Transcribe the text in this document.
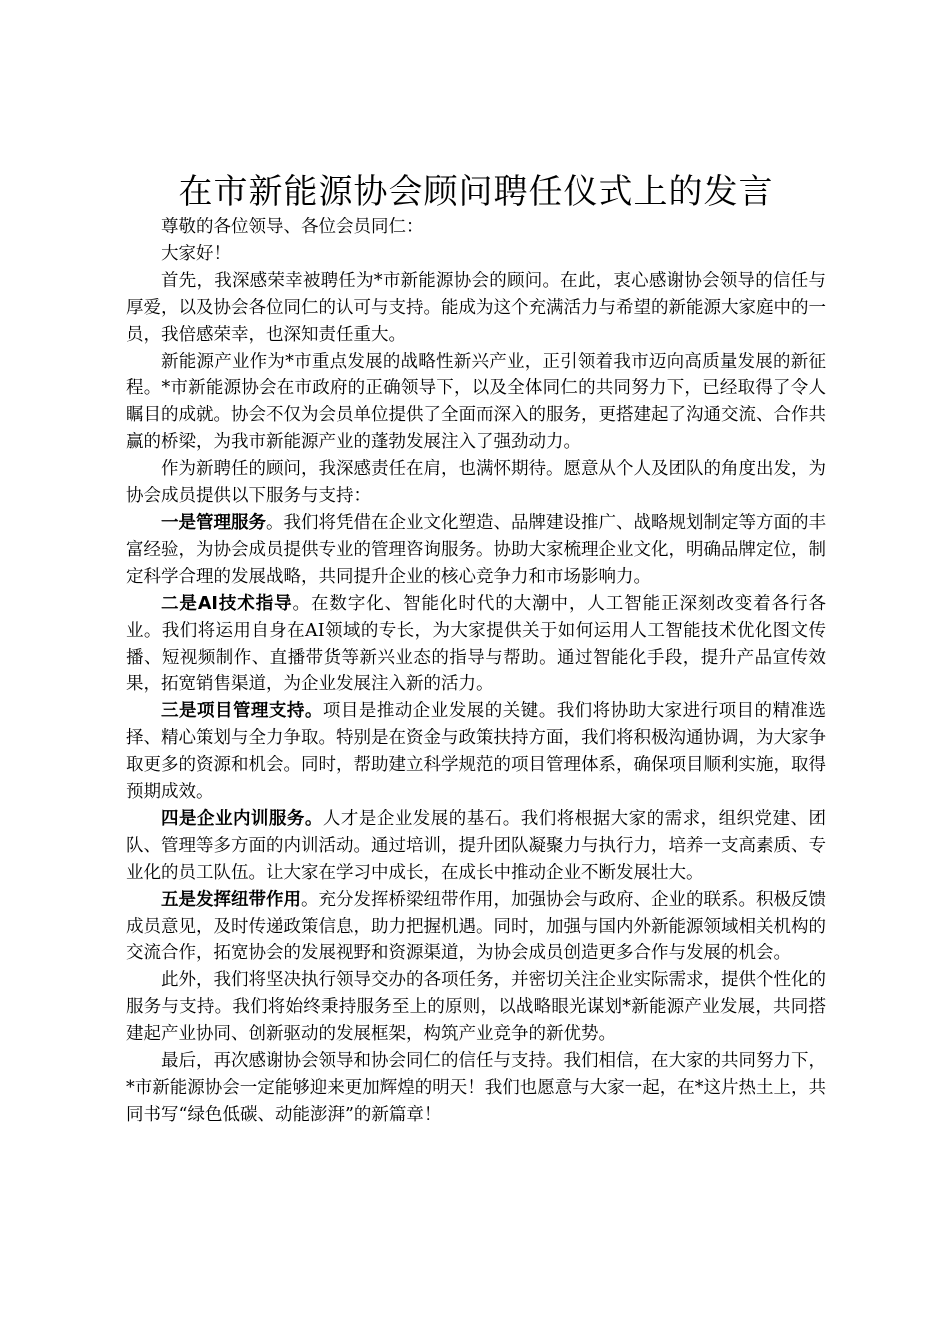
在市新能源协会顾问聘任仪式上的发言

尊敬的各位领导、各位会员同仁：

大家好！

首先，我深感荣幸被聘任为*市新能源协会的顾问。在此，衷心感谢协会领导的信任与厚爱，以及协会各位同仁的认可与支持。能成为这个充满活力与希望的新能源大家庭中的一员，我倍感荣幸，也深知责任重大。

新能源产业作为*市重点发展的战略性新兴产业，正引领着我市迈向高质量发展的新征程。*市新能源协会在市政府的正确领导下，以及全体同仁的共同努力下，已经取得了令人瞩目的成就。协会不仅为会员单位提供了全面而深入的服务，更搭建起了沟通交流、合作共赢的桥梁，为我市新能源产业的蓬勃发展注入了强劲动力。

作为新聘任的顾问，我深感责任在肩，也满怀期待。愿意从个人及团队的角度出发，为协会成员提供以下服务与支持：

一是管理服务。我们将凭借在企业文化塑造、品牌建设推广、战略规划制定等方面的丰富经验，为协会成员提供专业的管理咨询服务。协助大家梳理企业文化，明确品牌定位，制定科学合理的发展战略，共同提升企业的核心竞争力和市场影响力。

二是AI技术指导。在数字化、智能化时代的大潮中，人工智能正深刻改变着各行各业。我们将运用自身在AI领域的专长，为大家提供关于如何运用人工智能技术优化图文传播、短视频制作、直播带货等新兴业态的指导与帮助。通过智能化手段，提升产品宣传效果，拓宽销售渠道，为企业发展注入新的活力。

三是项目管理支持。项目是推动企业发展的关键。我们将协助大家进行项目的精准选择、精心策划与全力争取。特别是在资金与政策扶持方面，我们将积极沟通协调，为大家争取更多的资源和机会。同时，帮助建立科学规范的项目管理体系，确保项目顺利实施，取得预期成效。

四是企业内训服务。人才是企业发展的基石。我们将根据大家的需求，组织党建、团队、管理等多方面的内训活动。通过培训，提升团队凝聚力与执行力，培养一支高素质、专业化的员工队伍。让大家在学习中成长，在成长中推动企业不断发展壮大。

五是发挥纽带作用。充分发挥桥梁纽带作用，加强协会与政府、企业的联系。积极反馈成员意见，及时传递政策信息，助力把握机遇。同时，加强与国内外新能源领域相关机构的交流合作，拓宽协会的发展视野和资源渠道，为协会成员创造更多合作与发展的机会。

此外，我们将坚决执行领导交办的各项任务，并密切关注企业实际需求，提供个性化的服务与支持。我们将始终秉持服务至上的原则，以战略眼光谋划*新能源产业发展，共同搭建起产业协同、创新驱动的发展框架，构筑产业竞争的新优势。

最后，再次感谢协会领导和协会同仁的信任与支持。我们相信，在大家的共同努力下，*市新能源协会一定能够迎来更加辉煌的明天！我们也愿意与大家一起，在*这片热土上，共同书写“绿色低碳、动能澎湃”的新篇章！
